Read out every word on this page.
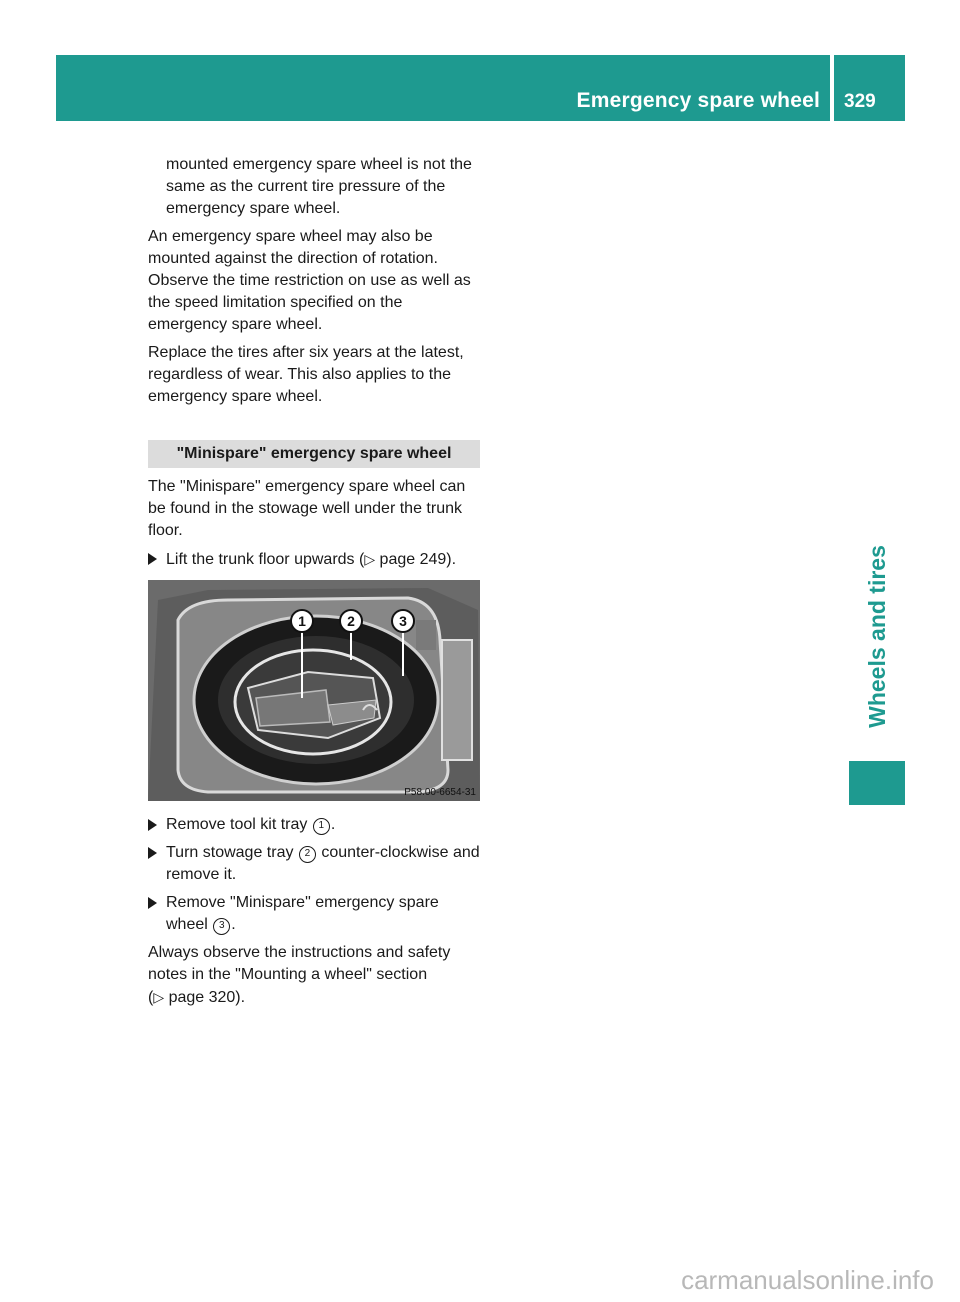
Emergency spare wheel	329
Wheels and tires

mounted emergency spare wheel is not the same as the current tire pressure of the emergency spare wheel.

An emergency spare wheel may also be mounted against the direction of rotation. Observe the time restriction on use as well as the speed limitation specified on the emergency spare wheel.

Replace the tires after six years at the latest, regardless of wear. This also applies to the emergency spare wheel.

"Minispare" emergency spare wheel

The "Minispare" emergency spare wheel can be found in the stowage well under the trunk floor.

Lift the trunk floor upwards (▷ page 249).

1	2	3
P58.00-6654-31

Remove tool kit tray 1 .

Turn stowage tray 2 counter-clockwise and remove it.

Remove "Minispare" emergency spare wheel 3 .

Always observe the instructions and safety notes in the "Mounting a wheel" section
(▷ page 320).

carmanualsonline.info
